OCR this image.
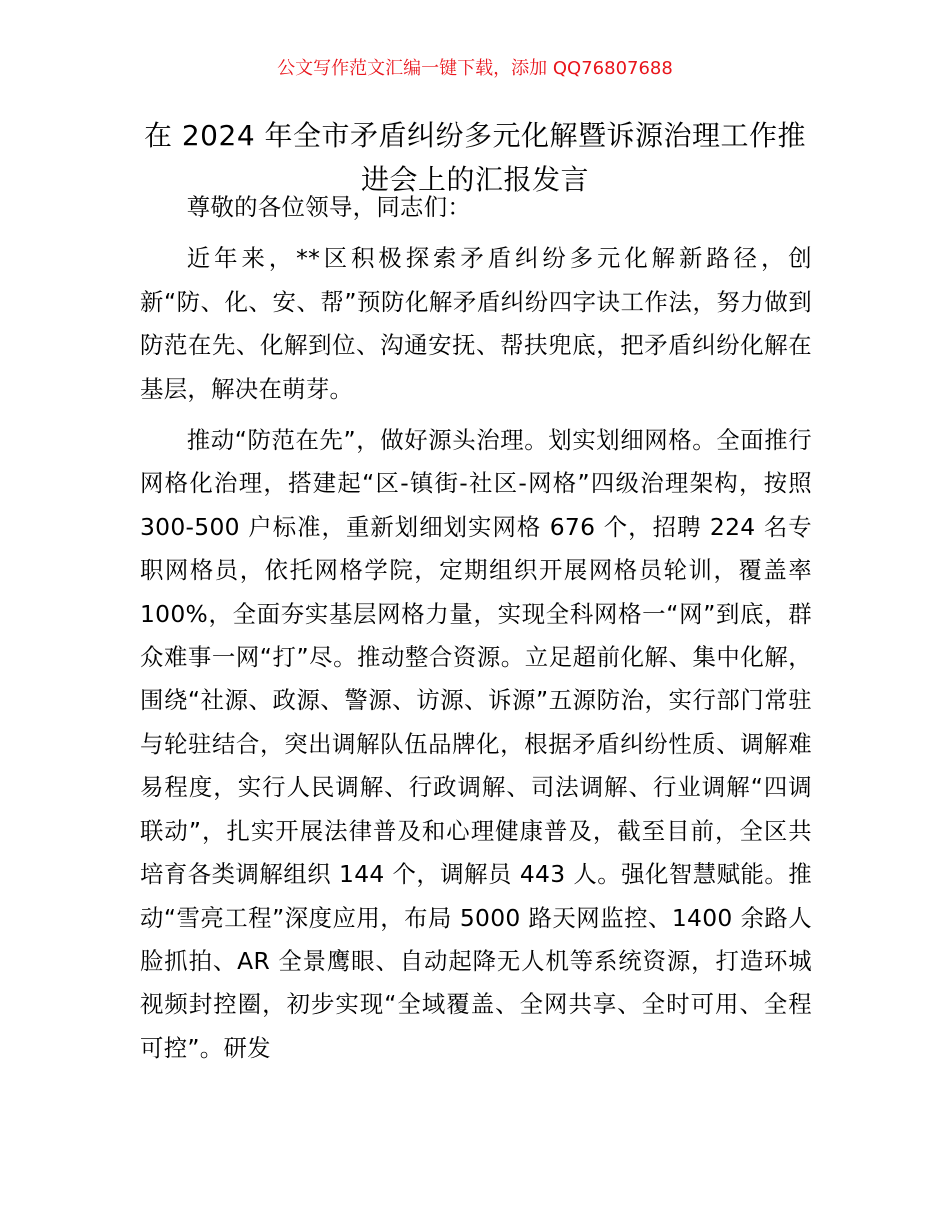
公文写作范文汇编一键下载，添加 QQ76807688
在 2024 年全市矛盾纠纷多元化解暨诉源治理工作推进会上的汇报发言

尊敬的各位领导，同志们：

近年来，**区积极探索矛盾纠纷多元化解新路径，创新“防、化、安、帮”预防化解矛盾纠纷四字诀工作法，努力做到防范在先、化解到位、沟通安抚、帮扶兜底，把矛盾纠纷化解在基层，解决在萌芽。

推动“防范在先”，做好源头治理。划实划细网格。全面推行网格化治理，搭建起“区-镇街-社区-网格”四级治理架构，按照 300-500 户标准，重新划细划实网格 676 个，招聘 224 名专职网格员，依托网格学院，定期组织开展网格员轮训，覆盖率 100%，全面夯实基层网格力量，实现全科网格一“网”到底，群众难事一网“打”尽。推动整合资源。立足超前化解、集中化解，围绕“社源、政源、警源、访源、诉源”五源防治，实行部门常驻与轮驻结合，突出调解队伍品牌化，根据矛盾纠纷性质、调解难易程度，实行人民调解、行政调解、司法调解、行业调解“四调联动”，扎实开展法律普及和心理健康普及，截至目前，全区共培育各类调解组织 144 个，调解员 443 人。强化智慧赋能。推动“雪亮工程”深度应用，布局 5000 路天网监控、1400 余路人脸抓拍、AR 全景鹰眼、自动起降无人机等系统资源，打造环城视频封控圈，初步实现“全域覆盖、全网共享、全时可用、全程可控”。研发
